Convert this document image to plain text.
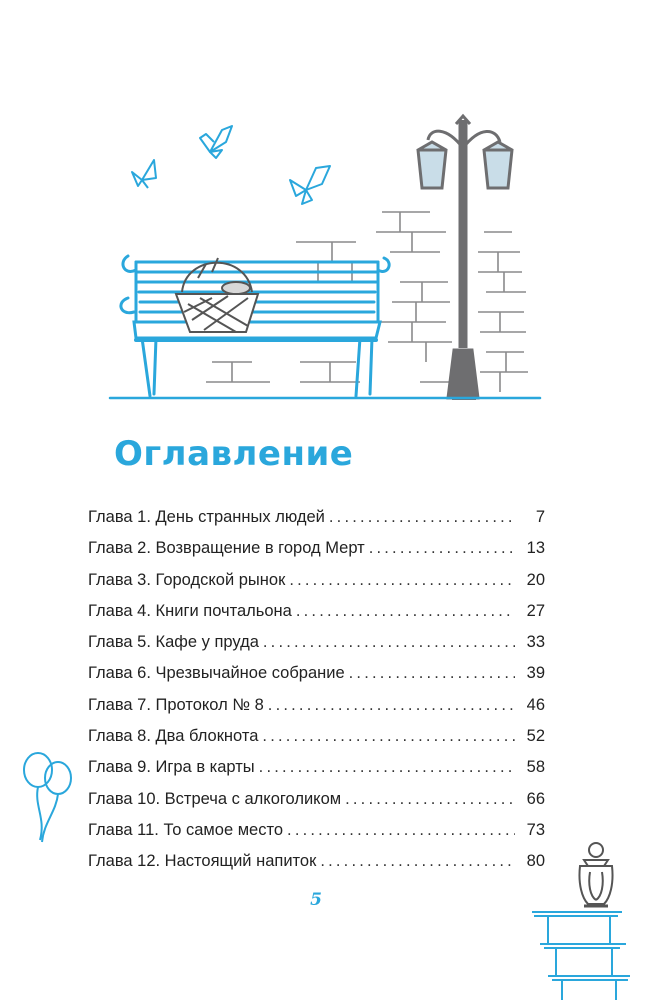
Оглавление
Глава 1. День странных людей .....	7
Глава 2. Возвращение в город Мерт .....	13
Глава 3. Городской рынок .....	20
Глава 4. Книги почтальона .....	27
Глава 5. Кафе у пруда .....	33
Глава 6. Чрезвычайное собрание .....	39
Глава 7. Протокол № 8 .....	46
Глава 8. Два блокнота .....	52
Глава 9. Игра в карты .....	58
Глава 10. Встреча с алкоголиком .....	66
Глава 11. То самое место .....	73
Глава 12. Настоящий напиток .....	80
5
